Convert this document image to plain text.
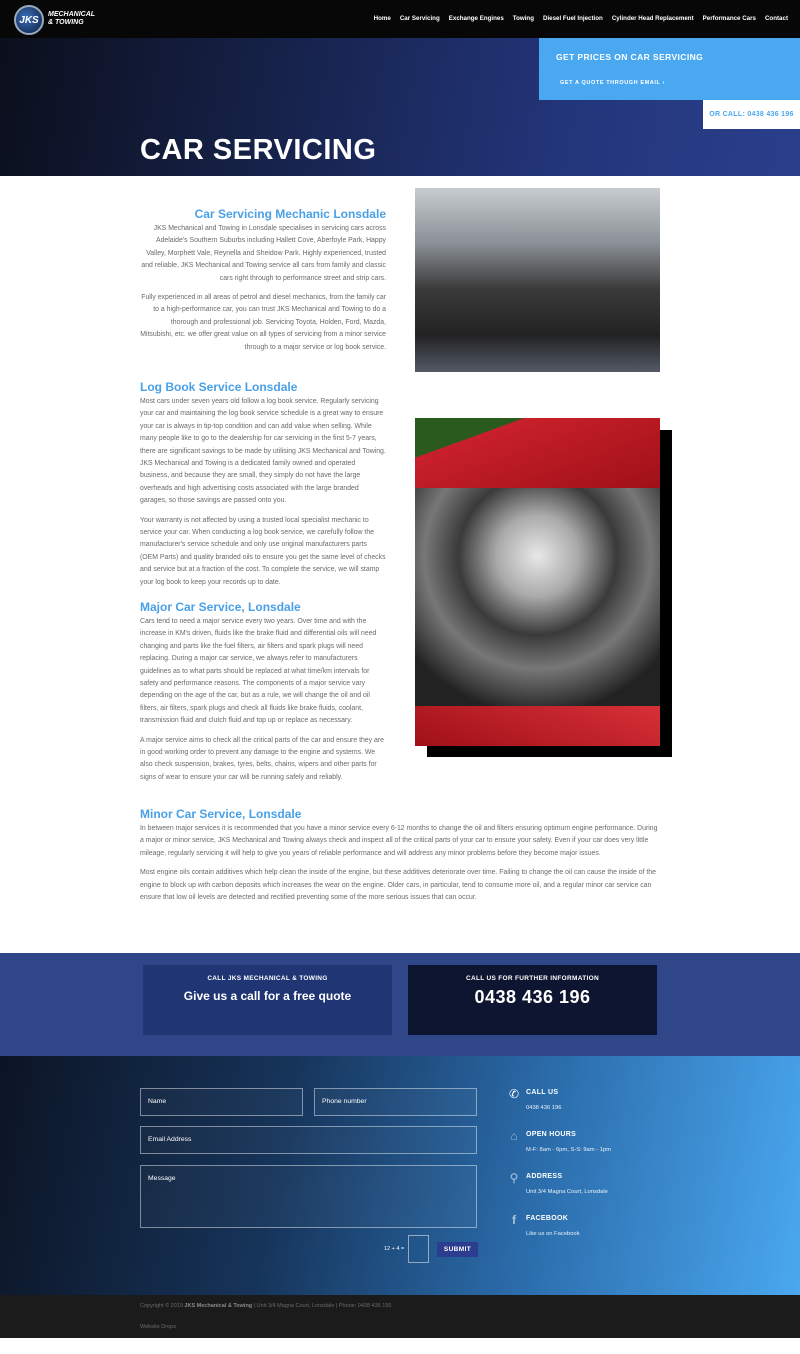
JKS MECHANICAL
& TOWING
Home Car Servicing Exchange Engines Towing Diesel Fuel Injection Cylinder Head Replacement Performance Cars Contact
CAR SERVICING
GET PRICES ON CAR SERVICING
GET A QUOTE THROUGH EMAIL ›
OR CALL: 0438 436 196
Car Servicing Mechanic Lonsdale

JKS Mechanical and Towing in Lonsdale specialises in servicing cars across Adelaide's Southern Suburbs including Hallett Cove, Aberfoyle Park, Happy Valley, Morphett Vale, Reynella and Sheidow Park. Highly experienced, trusted and reliable, JKS Mechanical and Towing service all cars from family and classic cars right through to performance street and strip cars.

Fully experienced in all areas of petrol and diesel mechanics, from the family car to a high-performance car, you can trust JKS Mechanical and Towing to do a thorough and professional job. Servicing Toyota, Holden, Ford, Mazda, Mitsubishi, etc. we offer great value on all types of servicing from a minor service through to a major service or log book service.

Log Book Service Lonsdale

Most cars under seven years old follow a log book service. Regularly servicing your car and maintaining the log book service schedule is a great way to ensure your car is always in tip-top condition and can add value when selling. While many people like to go to the dealership for car servicing in the first 5-7 years, there are significant savings to be made by utilising JKS Mechanical and Towing. JKS Mechanical and Towing is a dedicated family owned and operated business, and because they are small, they simply do not have the large overheads and high advertising costs associated with the large branded garages, so those savings are passed onto you.

Your warranty is not affected by using a trusted local specialist mechanic to service your car. When conducting a log book service, we carefully follow the manufacturer's service schedule and only use original manufacturers parts (OEM Parts) and quality branded oils to ensure you get the same level of checks and service but at a fraction of the cost. To complete the service, we will stamp your log book to keep your records up to date.

Major Car Service, Lonsdale

Cars tend to need a major service every two years. Over time and with the increase in KM's driven, fluids like the brake fluid and differential oils will need changing and parts like the fuel filters, air filters and spark plugs will need replacing. During a major car service, we always refer to manufacturers guidelines as to what parts should be replaced at what time/km intervals for safety and performance reasons. The components of a major service vary depending on the age of the car, but as a rule, we will change the oil and oil filters, air filters, spark plugs and check all fluids like brake fluids, coolant, transmission fluid and clutch fluid and top up or replace as necessary.

A major service aims to check all the critical parts of the car and ensure they are in good working order to prevent any damage to the engine and systems. We also check suspension, brakes, tyres, belts, chains, wipers and other parts for signs of wear to ensure your car will be running safely and reliably.

Minor Car Service, Lonsdale

In between major services it is recommended that you have a minor service every 6-12 months to change the oil and filters ensuring optimum engine performance. During a major or minor service, JKS Mechanical and Towing always check and inspect all of the critical parts of your car to ensure your safety. Even if your car does very little mileage, regularly servicing it will help to give you years of reliable performance and will address any minor problems before they become major issues.

Most engine oils contain additives which help clean the inside of the engine, but these additives deteriorate over time. Failing to change the oil can cause the inside of the engine to block up with carbon deposits which increases the wear on the engine. Older cars, in particular, tend to consume more oil, and a regular minor car service can ensure that low oil levels are detected and rectified preventing some of the more serious issues that can occur.

CALL JKS MECHANICAL & TOWING
Give us a call for a free quote
CALL US FOR FURTHER INFORMATION
0438 436 196
Name	Phone number
Email Address
Message
12 + 4 =	SUBMIT
✆ CALL US
0438 436 196
⌂	OPEN HOURS
M-F: 8am - 6pm, S-S: 9am - 1pm
⚲	ADDRESS
Unit 3/4 Magna Court, Lonsdale
f	FACEBOOK
Like us on Facebook
Copyright © 2019 JKS Mechanical & Towing | Unit 3/4 Magna Court, Lonsdale | Phone: 0438 436 196
Website Drops
